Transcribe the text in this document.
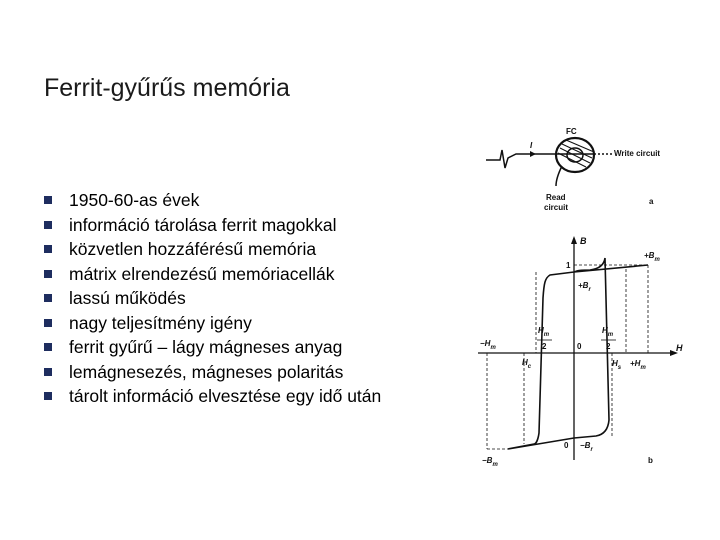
Ferrit-gyűrűs memória
1950-60-as évek
információ tárolása ferrit magokkal
közvetlen hozzáférésű memória
mátrix elrendezésű memóriacellák
lassú működés
nagy teljesítmény igény
ferrit gyűrű – lágy mágneses anyag
lemágnesezés, mágneses polaritás
tárolt információ elvesztése egy idő után
FC
I
Write circuit
Read
circuit
a
B
H
$+B_m$
$+B_r$
1
$-H_m$
$H_c$	$H_s +H_m$
$H_m$
2
$H_m$
2
0
$0 -B_r$
$-B_m$	b
